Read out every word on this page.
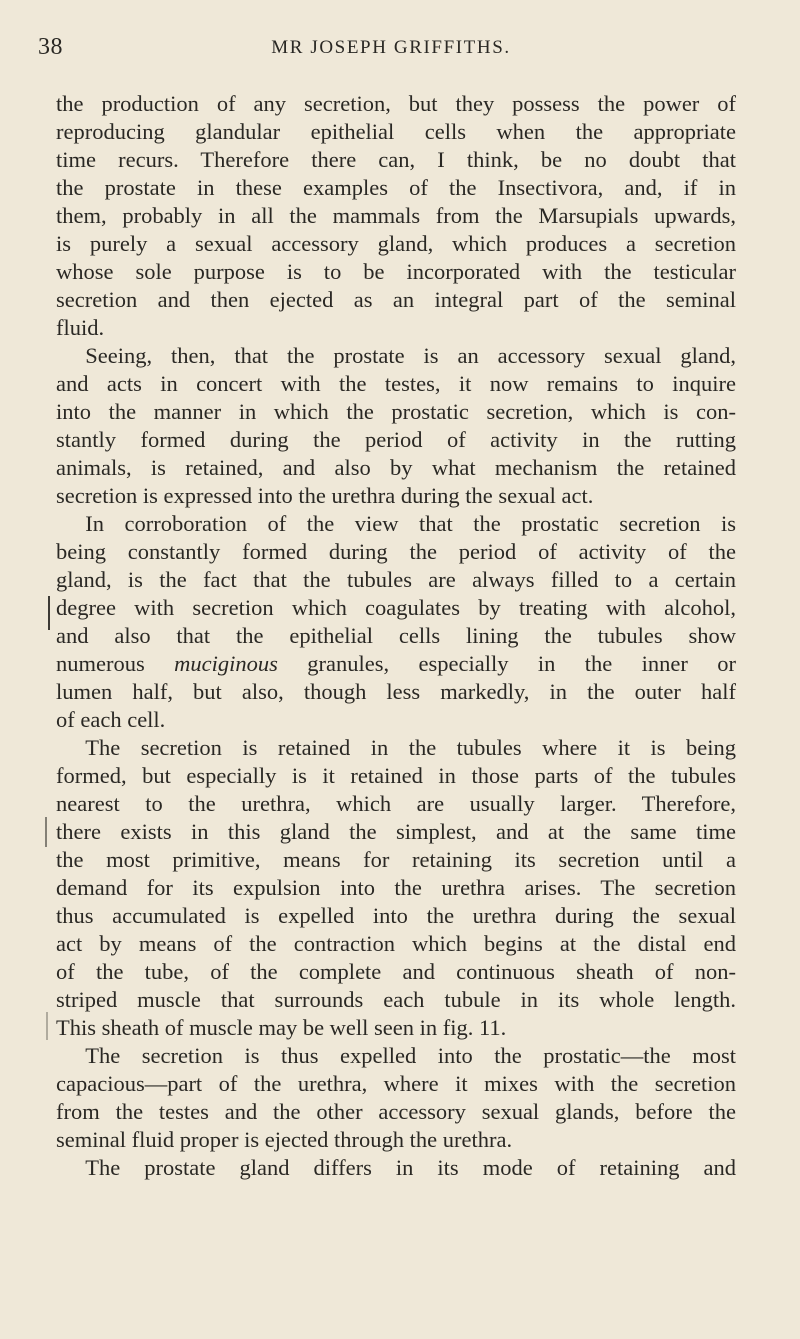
38	MR JOSEPH GRIFFITHS.
the production of any secretion, but they possess the power of
reproducing glandular epithelial cells when the appropriate
time recurs. Therefore there can, I think, be no doubt that
the prostate in these examples of the Insectivora, and, if in
them, probably in all the mammals from the Marsupials upwards,
is purely a sexual accessory gland, which produces a secretion
whose sole purpose is to be incorporated with the testicular
secretion and then ejected as an integral part of the seminal
fluid.
Seeing, then, that the prostate is an accessory sexual gland,
and acts in concert with the testes, it now remains to inquire
into the manner in which the prostatic secretion, which is con-
stantly formed during the period of activity in the rutting
animals, is retained, and also by what mechanism the retained
secretion is expressed into the urethra during the sexual act.
In corroboration of the view that the prostatic secretion is
being constantly formed during the period of activity of the
gland, is the fact that the tubules are always filled to a certain
degree with secretion which coagulates by treating with alcohol,
and also that the epithelial cells lining the tubules show
numerous muciginous granules, especially in the inner or
lumen half, but also, though less markedly, in the outer half
of each cell.
The secretion is retained in the tubules where it is being
formed, but especially is it retained in those parts of the tubules
nearest to the urethra, which are usually larger. Therefore,
there exists in this gland the simplest, and at the same time
the most primitive, means for retaining its secretion until a
demand for its expulsion into the urethra arises. The secretion
thus accumulated is expelled into the urethra during the sexual
act by means of the contraction which begins at the distal end
of the tube, of the complete and continuous sheath of non-
striped muscle that surrounds each tubule in its whole length.
This sheath of muscle may be well seen in fig. 11.
The secretion is thus expelled into the prostatic—the most
capacious—part of the urethra, where it mixes with the secretion
from the testes and the other accessory sexual glands, before the
seminal fluid proper is ejected through the urethra.
The prostate gland differs in its mode of retaining and
